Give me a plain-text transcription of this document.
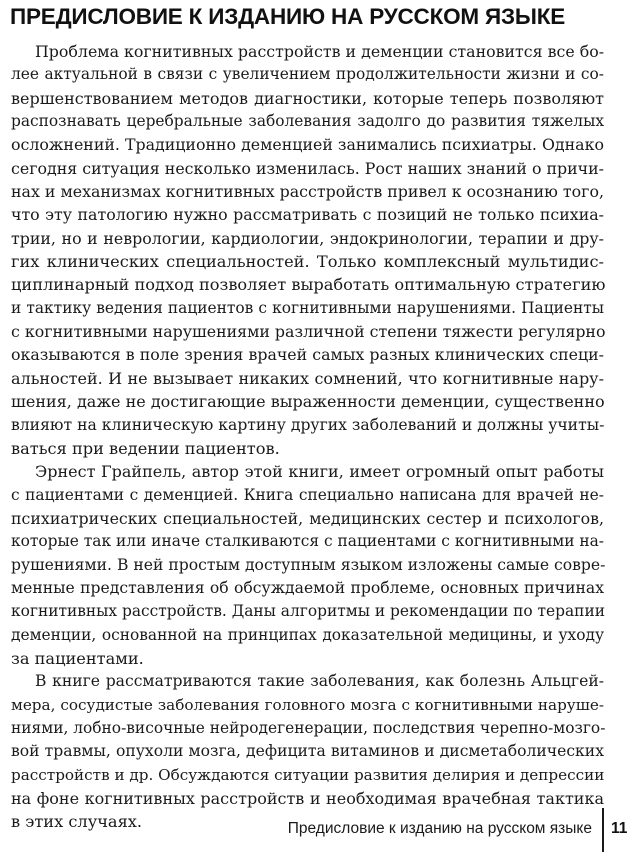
ПРЕДИСЛОВИЕ К ИЗДАНИЮ НА РУССКОМ ЯЗЫКЕ
Проблема когнитивных расстройств и деменции становится все бо-
лее актуальной в связи с увеличением продолжительности жизни и со-
вершенствованием методов диагностики, которые теперь позволяют
распознавать церебральные заболевания задолго до развития тяжелых
осложнений. Традиционно деменцией занимались психиатры. Однако
сегодня ситуация несколько изменилась. Рост наших знаний о причи-
нах и механизмах когнитивных расстройств привел к осознанию того,
что эту патологию нужно рассматривать с позиций не только психиа-
трии, но и неврологии, кардиологии, эндокринологии, терапии и дру-
гих клинических специальностей. Только комплексный мультидис-
циплинарный подход позволяет выработать оптимальную стратегию
и тактику ведения пациентов с когнитивными нарушениями. Пациенты
с когнитивными нарушениями различной степени тяжести регулярно
оказываются в поле зрения врачей самых разных клинических специ-
альностей. И не вызывает никаких сомнений, что когнитивные нару-
шения, даже не достигающие выраженности деменции, существенно
влияют на клиническую картину других заболеваний и должны учиты-
ваться при ведении пациентов.
Эрнест Грайпель, автор этой книги, имеет огромный опыт работы
с пациентами с деменцией. Книга специально написана для врачей не-
психиатрических специальностей, медицинских сестер и психологов,
которые так или иначе сталкиваются с пациентами с когнитивными на-
рушениями. В ней простым доступным языком изложены самые совре-
менные представления об обсуждаемой проблеме, основных причинах
когнитивных расстройств. Даны алгоритмы и рекомендации по терапии
деменции, основанной на принципах доказательной медицины, и уходу
за пациентами.
В книге рассматриваются такие заболевания, как болезнь Альцгей-
мера, сосудистые заболевания головного мозга с когнитивными наруше-
ниями, лобно-височные нейродегенерации, последствия черепно-мозго-
вой травмы, опухоли мозга, дефицита витаминов и дисметаболических
расстройств и др. Обсуждаются ситуации развития делирия и депрессии
на фоне когнитивных расстройств и необходимая врачебная тактика
в этих случаях.	Предисловие к изданию на русском языке 11
